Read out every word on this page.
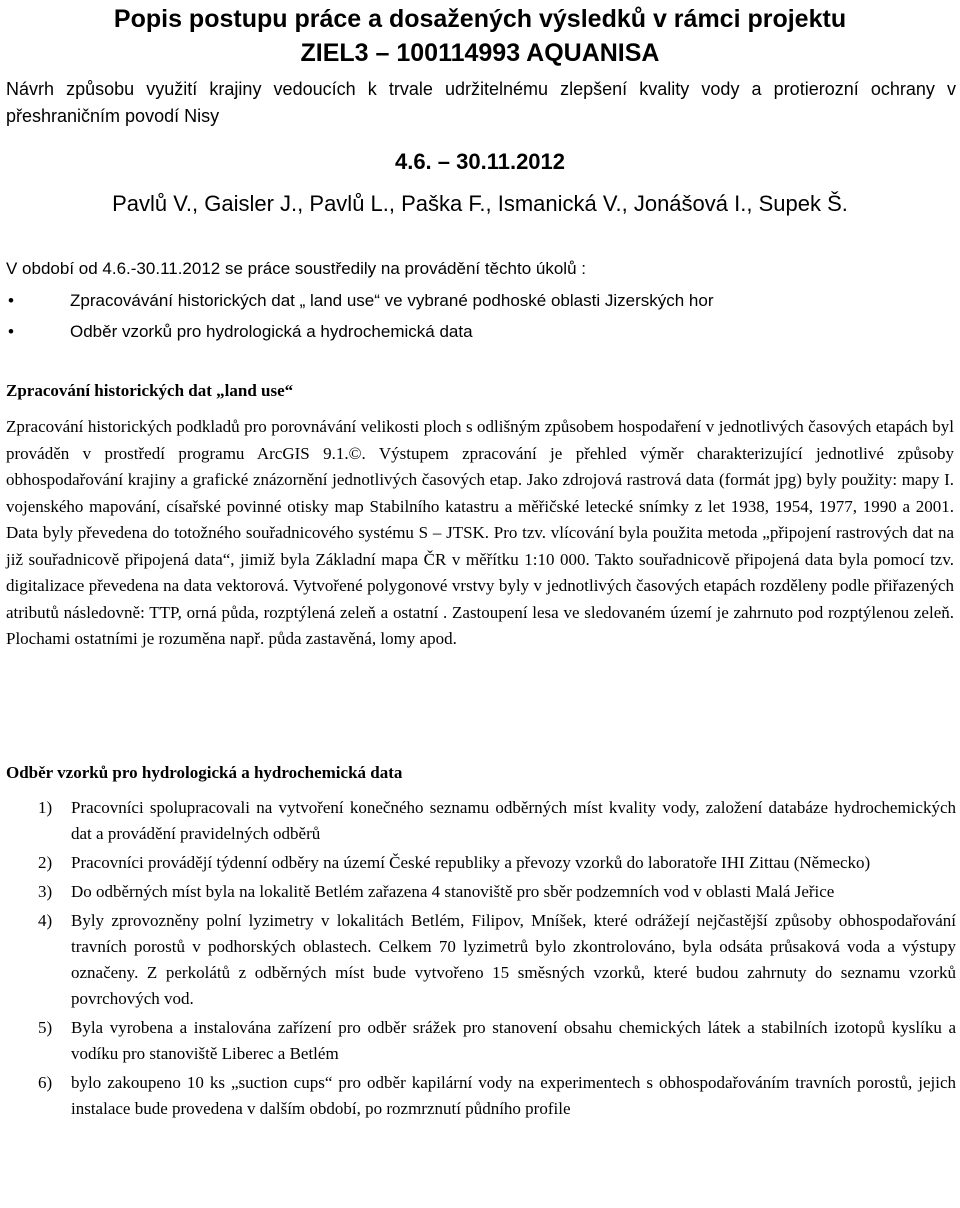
Popis postupu práce a dosažených výsledků v rámci projektu
ZIEL3 – 100114993 AQUANISA
Návrh způsobu využití krajiny vedoucích k trvale udržitelnému zlepšení kvality vody a protierozní ochrany v přeshraničním povodí Nisy
4.6. – 30.11.2012
Pavlů V., Gaisler J., Pavlů L., Paška F., Ismanická V., Jonášová I., Supek Š.
V období od 4.6.-30.11.2012 se práce soustředily na provádění těchto úkolů :
•	Zpracovávání historických dat „ land use“ ve vybrané podhoské oblasti Jizerských hor
•	Odběr vzorků pro hydrologická a hydrochemická data
Zpracování historických dat „land use“

Zpracování historických podkladů pro porovnávání velikosti ploch s odlišným způsobem hospodaření v jednotlivých časových etapách byl prováděn v prostředí programu ArcGIS 9.1.©. Výstupem zpracování je přehled výměr charakterizující jednotlivé způsoby obhospodařování krajiny a grafické znázornění jednotlivých časových etap. Jako zdrojová rastrová data (formát jpg) byly použity: mapy I. vojenského mapování, císařské povinné otisky map Stabilního katastru a měřičské letecké snímky z let 1938, 1954, 1977, 1990 a 2001. Data byly převedena do totožného souřadnicového systému S – JTSK. Pro tzv. vlícování byla použita metoda „připojení rastrových dat na již souřadnicově připojená data“, jimiž byla Základní mapa ČR v měřítku 1:10 000. Takto souřadnicově připojená data byla pomocí tzv. digitalizace převedena na data vektorová. Vytvořené polygonové vrstvy byly v jednotlivých časových etapách rozděleny podle přiřazených atributů následovně: TTP, orná půda, rozptýlená zeleň a ostatní . Zastoupení lesa ve sledovaném území je zahrnuto pod rozptýlenou zeleň. Plochami ostatními je rozuměna např. půda zastavěná, lomy apod.

Odběr vzorků pro hydrologická a hydrochemická data
1) Pracovníci spolupracovali na vytvoření konečného seznamu odběrných míst kvality vody, založení databáze hydrochemických dat a provádění pravidelných odběrů
2) Pracovníci provádějí týdenní odběry na území České republiky a převozy vzorků do laboratoře IHI Zittau (Německo)
3) Do odběrných míst byla na lokalitě Betlém zařazena 4 stanoviště pro sběr podzemních vod v oblasti Malá Jeřice
4) Byly zprovozněny polní lyzimetry v lokalitách Betlém, Filipov, Mníšek, které odrážejí nejčastější způsoby obhospodařování travních porostů v podhorských oblastech. Celkem 70 lyzimetrů bylo zkontrolováno, byla odsáta průsaková voda a výstupy označeny. Z perkolátů z odběrných míst bude vytvořeno 15 směsných vzorků, které budou zahrnuty do seznamu vzorků povrchových vod.
5) Byla vyrobena a instalována zařízení pro odběr srážek pro stanovení obsahu chemických látek a stabilních izotopů kyslíku a vodíku pro stanoviště Liberec a Betlém
6) bylo zakoupeno 10 ks „suction cups“ pro odběr kapilární vody na experimentech s obhospodařováním travních porostů, jejich instalace bude provedena v dalším období, po rozmrznutí půdního profile
